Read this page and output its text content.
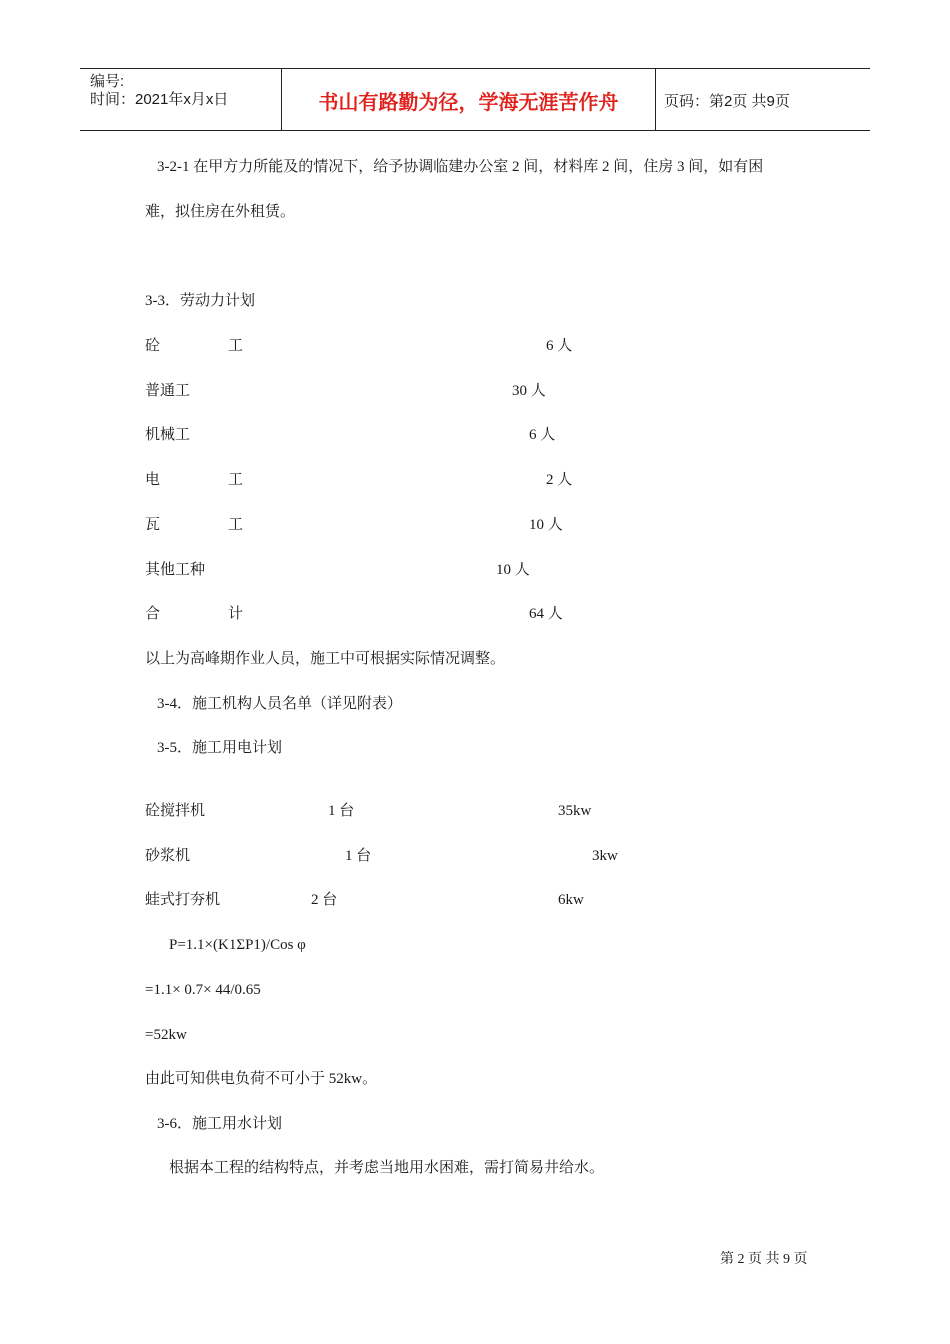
编号:
时间：2021年x月x日	书山有路勤为径，学海无涯苦作舟	页码：第2页 共9页
3-2-1 在甲方力所能及的情况下，给予协调临建办公室 2 间，材料库 2 间，住房 3 间，如有困
难，拟住房在外租赁。
3-3．劳动力计划
砼	工	6 人
普通工	30 人
机械工	6 人
电	工	2 人
瓦	工	10 人
其他工种	10 人
合	计	64 人
以上为高峰期作业人员，施工中可根据实际情况调整。
3-4．施工机构人员名单（详见附表）
3-5．施工用电计划
砼搅拌机	1 台	35kw
砂浆机	1 台	3kw
蛙式打夯机	2 台	6kw
P=1.1×(K1ΣP1)/Cos φ
=1.1× 0.7× 44/0.65
=52kw
由此可知供电负荷不可小于 52kw。
3-6．施工用水计划
根据本工程的结构特点，并考虑当地用水困难，需打简易井给水。
第 2 页 共 9 页
